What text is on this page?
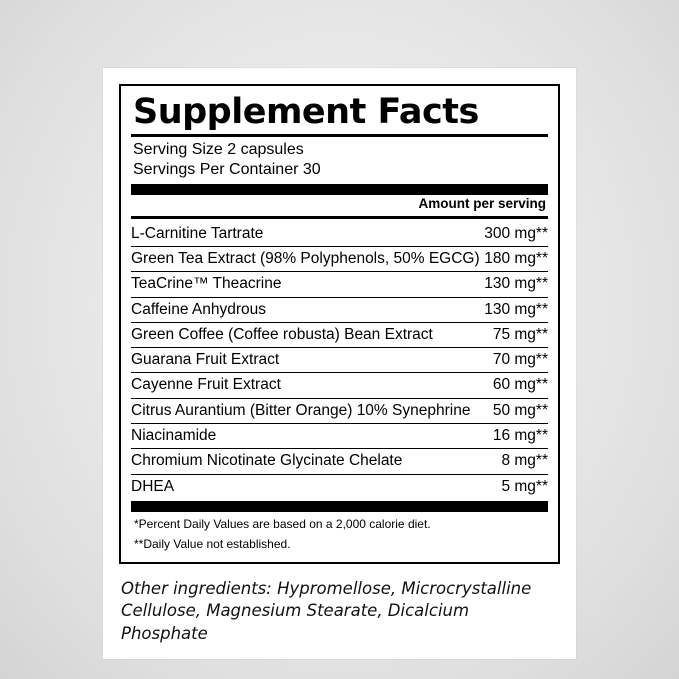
Supplement Facts
Serving Size 2 capsules
Servings Per Container 30
Amount per serving
L-Carnitine Tartrate	300 mg**
Green Tea Extract (98% Polyphenols, 50% EGCG)	180 mg**
TeaCrine™ Theacrine	130 mg**
Caffeine Anhydrous	130 mg**
Green Coffee (Coffee robusta) Bean Extract	75 mg**
Guarana Fruit Extract	70 mg**
Cayenne Fruit Extract	60 mg**
Citrus Aurantium (Bitter Orange) 10% Synephrine	50 mg**
Niacinamide	16 mg**
Chromium Nicotinate Glycinate Chelate	8 mg**
DHEA	5 mg**
*Percent Daily Values are based on a 2,000 calorie diet.
**Daily Value not established.
Other ingredients: Hypromellose, Microcrystalline Cellulose, Magnesium Stearate, Dicalcium Phosphate
